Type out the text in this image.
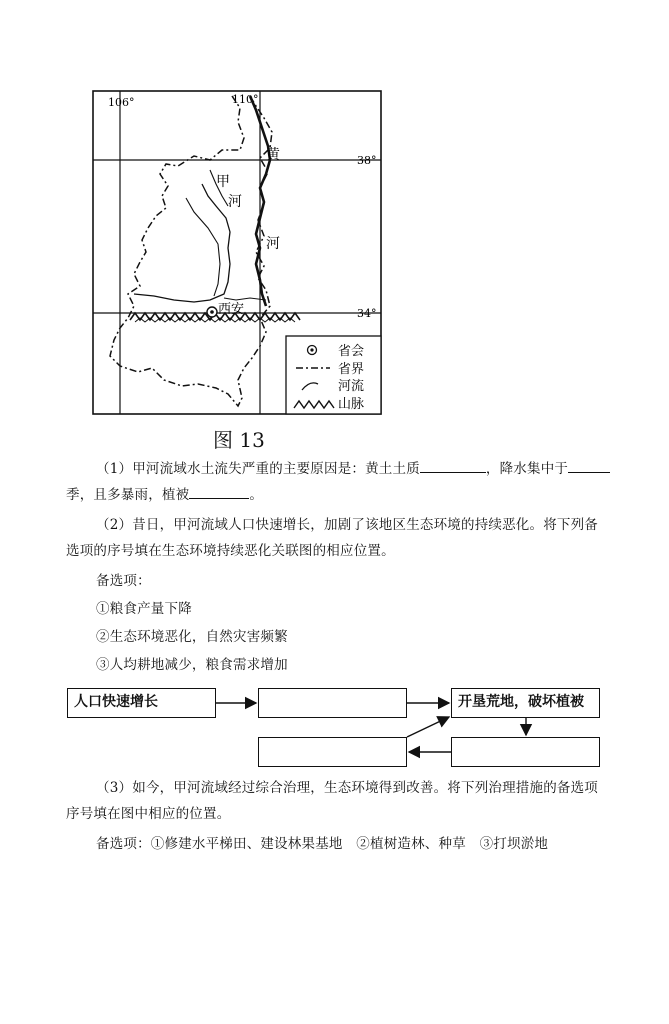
106°	110°
38°
34°
西安
黄
河
甲
河
省会
省界
河流
山脉
图 13

（1）甲河流域水土流失严重的主要原因是：黄土土质	，降水集中于季，且多暴雨，植被	。

（2）昔日，甲河流域人口快速增长，加剧了该地区生态环境的持续恶化。将下列备选项的序号填在生态环境持续恶化关联图的相应位置。

备选项：

①粮食产量下降

②生态环境恶化，自然灾害频繁

③人均耕地减少，粮食需求增加

人口快速增长	开垦荒地，破坏植被

（3）如今，甲河流域经过综合治理，生态环境得到改善。将下列治理措施的备选项序号填在图中相应的位置。

备选项：①修建水平梯田、建设林果基地　②植树造林、种草　③打坝淤地
